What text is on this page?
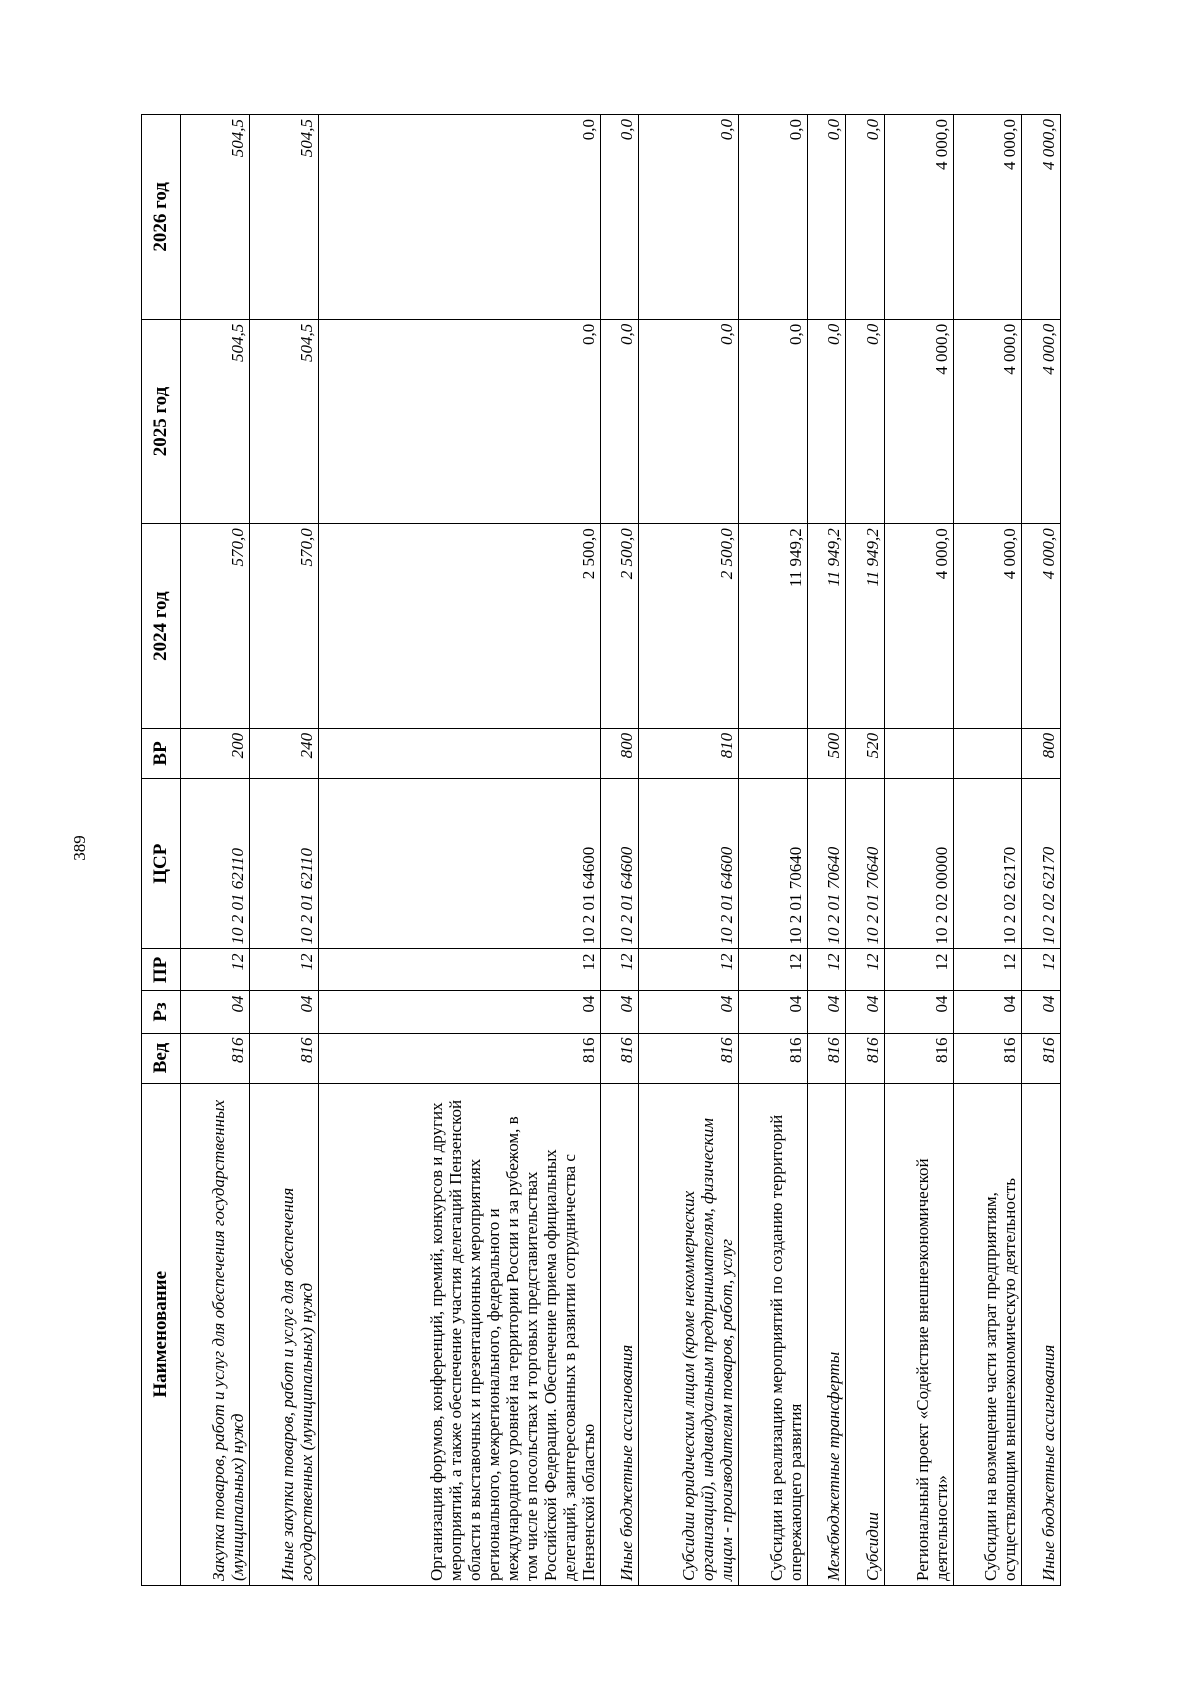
389
Наименование	Вед	Рз	ПР	ЦСР	ВР	2024 год	2025 год	2026 год
Закупка товаров, работ и услуг для обеспечения государственных (муниципальных) нужд	816	04	12	10 2 01 62110	200	570,0	504,5	504,5
Иные закупки товаров, работ и услуг для обеспечения государственных (муниципальных) нужд	816	04	12	10 2 01 62110	240	570,0	504,5	504,5
Организация форумов, конференций, премий, конкурсов и других мероприятий, а также обеспечение участия делегаций Пензенской области в выставочных и презентационных мероприятиях регионального, межрегионального, федерального и международного уровней на территории России и за рубежом, в том числе в посольствах и торговых представительствах Российской Федерации. Обеспечение приема официальных делегаций, заинтересованных в развитии сотрудничества с Пензенской областью	816	04	12	10 2 01 64600		2 500,0	0,0	0,0
Иные бюджетные ассигнования	816	04	12	10 2 01 64600	800	2 500,0	0,0	0,0
Субсидии юридическим лицам (кроме некоммерческих организаций), индивидуальным предпринимателям, физическим лицам - производителям товаров, работ, услуг	816	04	12	10 2 01 64600	810	2 500,0	0,0	0,0
Субсидии на реализацию мероприятий по созданию территорий опережающего развития	816	04	12	10 2 01 70640		11 949,2	0,0	0,0
Межбюджетные трансферты	816	04	12	10 2 01 70640	500	11 949,2	0,0	0,0
Субсидии	816	04	12	10 2 01 70640	520	11 949,2	0,0	0,0
Региональный проект «Содействие внешнеэкономической деятельности»	816	04	12	10 2 02 00000		4 000,0	4 000,0	4 000,0
Субсидии на возмещение части затрат предприятиям, осуществляющим внешнеэкономическую деятельность	816	04	12	10 2 02 62170		4 000,0	4 000,0	4 000,0
Иные бюджетные ассигнования	816	04	12	10 2 02 62170	800	4 000,0	4 000,0	4 000,0
